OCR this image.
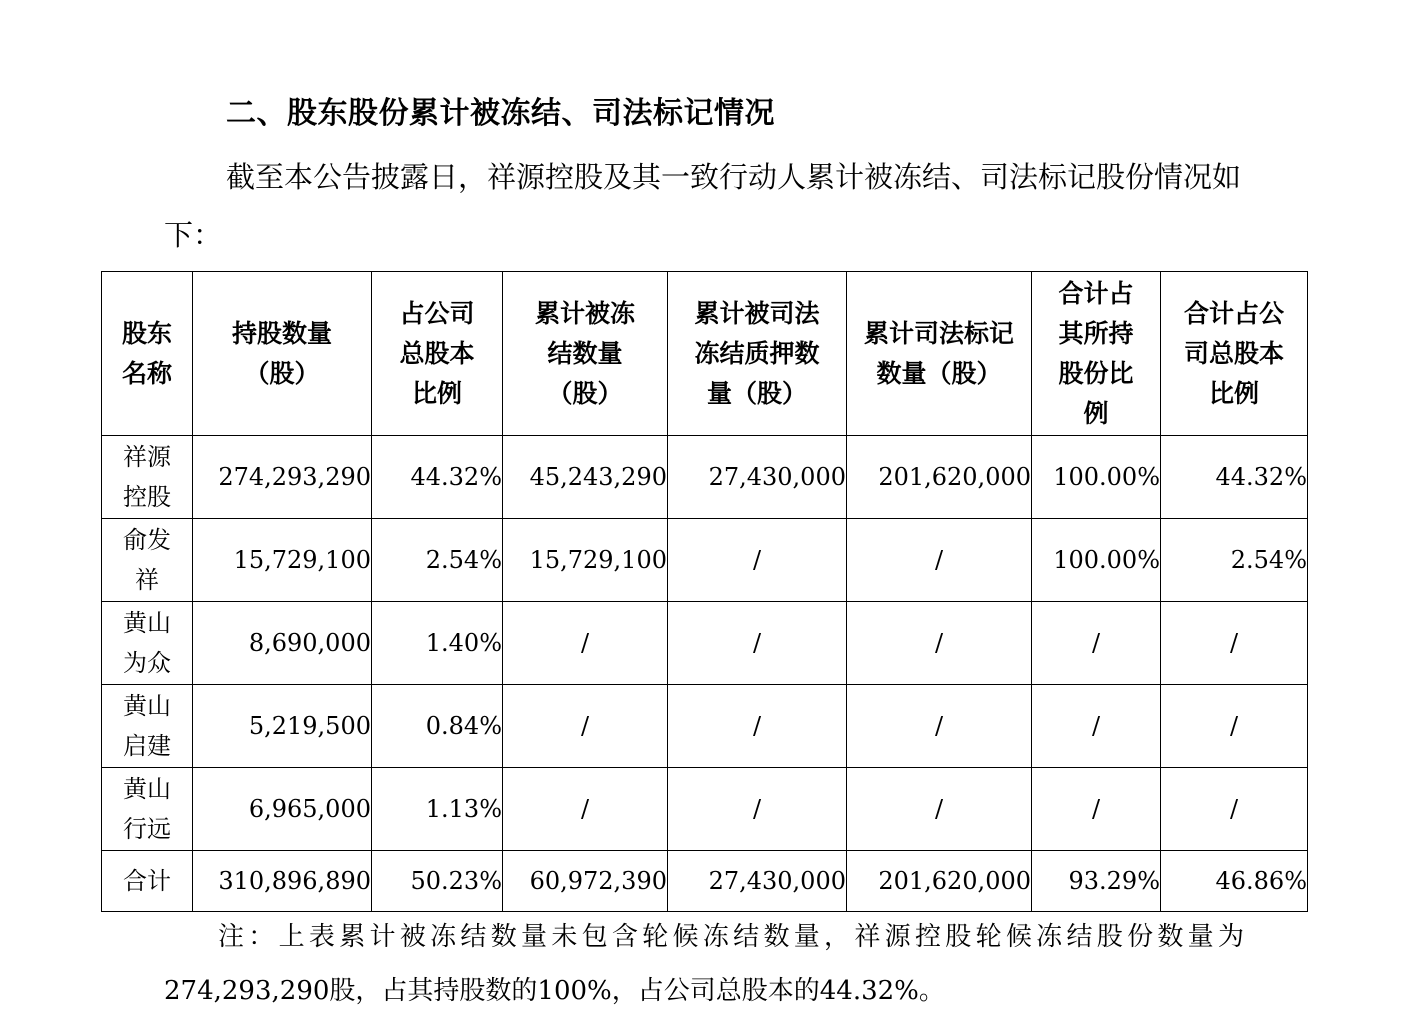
二、股东股份累计被冻结、司法标记情况
截至本公告披露日，祥源控股及其一致行动人累计被冻结、司法标记股份情况如下：
股东名称	持股数量（股）	占公司总股本比例	累计被冻结数量（股）	累计被司法冻结质押数量（股）	累计司法标记 数量（股）	合计占其所持股份比例	合计占公司总股本比例
祥源控股	274,293,290	44.32%	45,243,290	27,430,000	201,620,000	100.00%	44.32%
俞发祥	15,729,100	2.54%	15,729,100	/	/	100.00%	2.54%
黄山为众	8,690,000	1.40%	/	/	/	/	/
黄山启建	5,219,500	0.84%	/	/	/	/	/
黄山行远	6,965,000	1.13%	/	/	/	/	/
合计	310,896,890	50.23%	60,972,390	27,430,000	201,620,000	93.29%	46.86%
注：上表累计被冻结数量未包含轮候冻结数量，祥源控股轮候冻结股份数量为
274,293,290股，占其持股数的100%，占公司总股本的44.32%。
